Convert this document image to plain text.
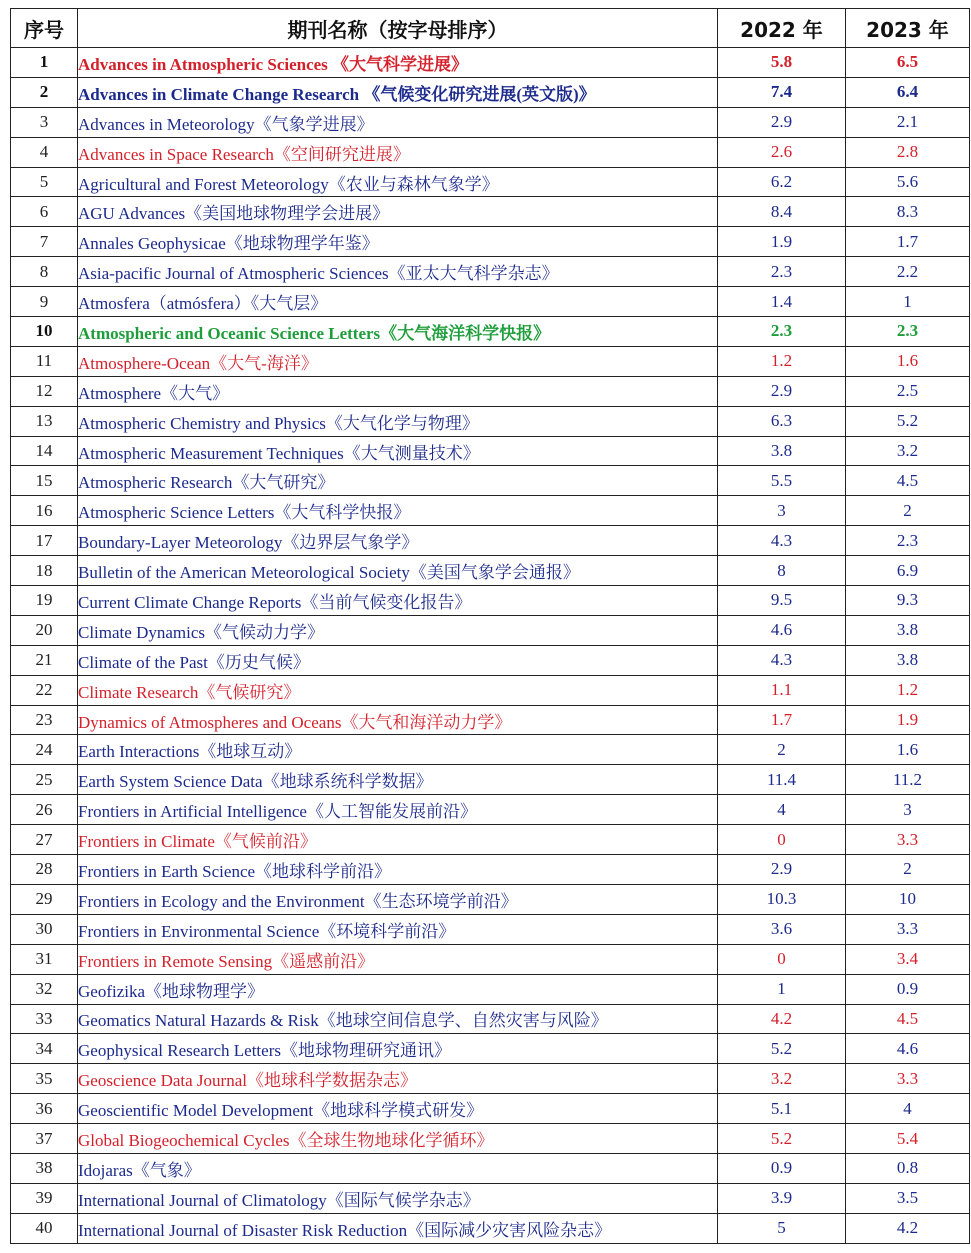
序号	期刊名称（按字母排序）	2022 年	2023 年
1	Advances in Atmospheric Sciences 《大气科学进展》	5.8	6.5
2	Advances in Climate Change Research 《气候变化研究进展(英文版)》	7.4	6.4
3	Advances in Meteorology《气象学进展》	2.9	2.1
4	Advances in Space Research《空间研究进展》	2.6	2.8
5	Agricultural and Forest Meteorology《农业与森林气象学》	6.2	5.6
6	AGU Advances《美国地球物理学会进展》	8.4	8.3
7	Annales Geophysicae《地球物理学年鉴》	1.9	1.7
8	Asia-pacific Journal of Atmospheric Sciences《亚太大气科学杂志》	2.3	2.2
9	Atmosfera（atmósfera）《大气层》	1.4	1
10	Atmospheric and Oceanic Science Letters《大气海洋科学快报》	2.3	2.3
11	Atmosphere-Ocean《大气-海洋》	1.2	1.6
12	Atmosphere《大气》	2.9	2.5
13	Atmospheric Chemistry and Physics《大气化学与物理》	6.3	5.2
14	Atmospheric Measurement Techniques《大气测量技术》	3.8	3.2
15	Atmospheric Research《大气研究》	5.5	4.5
16	Atmospheric Science Letters《大气科学快报》	3	2
17	Boundary-Layer Meteorology《边界层气象学》	4.3	2.3
18	Bulletin of the American Meteorological Society《美国气象学会通报》	8	6.9
19	Current Climate Change Reports《当前气候变化报告》	9.5	9.3
20	Climate Dynamics《气候动力学》	4.6	3.8
21	Climate of the Past《历史气候》	4.3	3.8
22	Climate Research《气候研究》	1.1	1.2
23	Dynamics of Atmospheres and Oceans《大气和海洋动力学》	1.7	1.9
24	Earth Interactions《地球互动》	2	1.6
25	Earth System Science Data《地球系统科学数据》	11.4	11.2
26	Frontiers in Artificial Intelligence《人工智能发展前沿》	4	3
27	Frontiers in Climate《气候前沿》	0	3.3
28	Frontiers in Earth Science《地球科学前沿》	2.9	2
29	Frontiers in Ecology and the Environment《生态环境学前沿》	10.3	10
30	Frontiers in Environmental Science《环境科学前沿》	3.6	3.3
31	Frontiers in Remote Sensing《遥感前沿》	0	3.4
32	Geofizika《地球物理学》	1	0.9
33	Geomatics Natural Hazards & Risk《地球空间信息学、自然灾害与风险》	4.2	4.5
34	Geophysical Research Letters《地球物理研究通讯》	5.2	4.6
35	Geoscience Data Journal《地球科学数据杂志》	3.2	3.3
36	Geoscientific Model Development《地球科学模式研发》	5.1	4
37	Global Biogeochemical Cycles《全球生物地球化学循环》	5.2	5.4
38	Idojaras《气象》	0.9	0.8
39	International Journal of Climatology《国际气候学杂志》	3.9	3.5
40	International Journal of Disaster Risk Reduction《国际减少灾害风险杂志》	5	4.2
